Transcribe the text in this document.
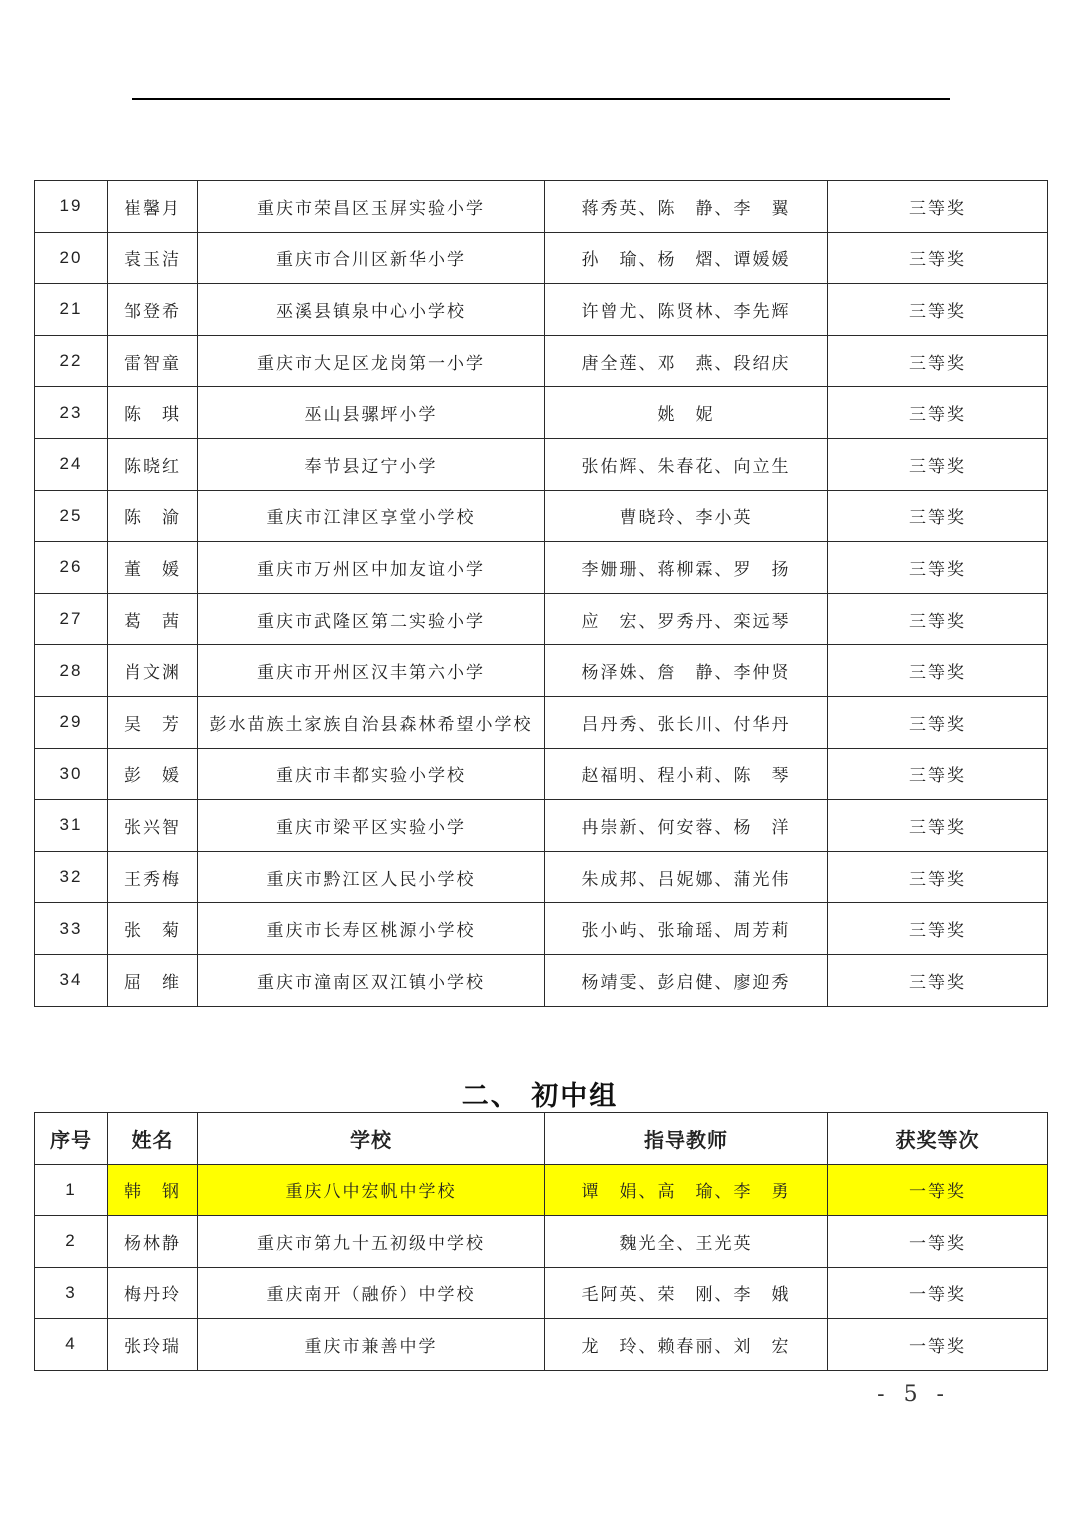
19	崔馨月	重庆市荣昌区玉屏实验小学	蒋秀英、陈　静、李　翼	三等奖
20	袁玉洁	重庆市合川区新华小学	孙　瑜、杨　熠、谭媛媛	三等奖
21	邹登希	巫溪县镇泉中心小学校	许曾尤、陈贤林、李先辉	三等奖
22	雷智童	重庆市大足区龙岗第一小学	唐全莲、邓　燕、段绍庆	三等奖
23	陈　琪	巫山县骡坪小学	姚　妮	三等奖
24	陈晓红	奉节县辽宁小学	张佑辉、朱春花、向立生	三等奖
25	陈　渝	重庆市江津区享堂小学校	曹晓玲、李小英	三等奖
26	董　媛	重庆市万州区中加友谊小学	李姗珊、蒋柳霖、罗　扬	三等奖
27	葛　茜	重庆市武隆区第二实验小学	应　宏、罗秀丹、栾远琴	三等奖
28	肖文渊	重庆市开州区汉丰第六小学	杨泽姝、詹　静、李仲贤	三等奖
29	吴　芳	彭水苗族土家族自治县森林希望小学校	吕丹秀、张长川、付华丹	三等奖
30	彭　媛	重庆市丰都实验小学校	赵福明、程小莉、陈　琴	三等奖
31	张兴智	重庆市梁平区实验小学	冉崇新、何安蓉、杨　洋	三等奖
32	王秀梅	重庆市黔江区人民小学校	朱成邦、吕妮娜、蒲光伟	三等奖
33	张　菊	重庆市长寿区桃源小学校	张小屿、张瑜瑶、周芳莉	三等奖
34	屈　维	重庆市潼南区双江镇小学校	杨靖雯、彭启健、廖迎秀	三等奖
二、 初中组
序号	姓名	学校	指导教师	获奖等次
1	韩　钢	重庆八中宏帆中学校	谭　娟、高　瑜、李　勇	一等奖
2	杨林静	重庆市第九十五初级中学校	魏光全、王光英	一等奖
3	梅丹玲	重庆南开（融侨）中学校	毛阿英、荣　刚、李　娥	一等奖
4	张玲瑞	重庆市兼善中学	龙　玲、赖春丽、刘　宏	一等奖
- 5 -
